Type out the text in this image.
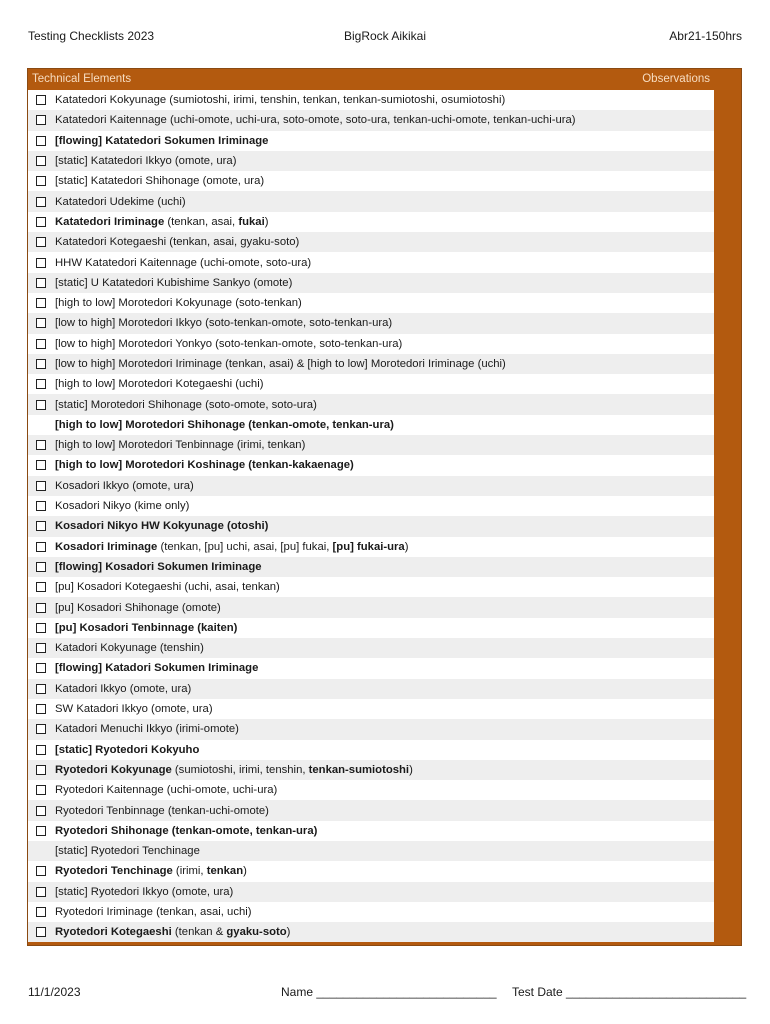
Testing Checklists 2023	BigRock Aikikai	Abr21-150hrs
Technical Elements	Observations
Katatedori Kokyunage (sumiotoshi, irimi, tenshin, tenkan, tenkan-sumiotoshi, osumiotoshi)
Katatedori Kaitennage (uchi-omote, uchi-ura, soto-omote, soto-ura, tenkan-uchi-omote, tenkan-uchi-ura)
[flowing] Katatedori Sokumen Iriminage
[static] Katatedori Ikkyo (omote, ura)
[static] Katatedori Shihonage (omote, ura)
Katatedori Udekime (uchi)
Katatedori Iriminage (tenkan, asai, fukai)
Katatedori Kotegaeshi (tenkan, asai, gyaku-soto)
HHW Katatedori Kaitennage (uchi-omote, soto-ura)
[static] U Katatedori Kubishime Sankyo (omote)
[high to low] Morotedori Kokyunage (soto-tenkan)
[low to high] Morotedori Ikkyo (soto-tenkan-omote, soto-tenkan-ura)
[low to high] Morotedori Yonkyo (soto-tenkan-omote, soto-tenkan-ura)
[low to high] Morotedori Iriminage (tenkan, asai) & [high to low] Morotedori Iriminage (uchi)
[high to low] Morotedori Kotegaeshi (uchi)
[static] Morotedori Shihonage (soto-omote, soto-ura)
[high to low] Morotedori Shihonage (tenkan-omote, tenkan-ura)
[high to low] Morotedori Tenbinnage (irimi, tenkan)
[high to low] Morotedori Koshinage (tenkan-kakaenage)
Kosadori Ikkyo (omote, ura)
Kosadori Nikyo (kime only)
Kosadori Nikyo HW Kokyunage (otoshi)
Kosadori Iriminage (tenkan, [pu] uchi, asai, [pu] fukai, [pu] fukai-ura)
[flowing] Kosadori Sokumen Iriminage
[pu] Kosadori Kotegaeshi (uchi, asai, tenkan)
[pu] Kosadori Shihonage (omote)
[pu] Kosadori Tenbinnage (kaiten)
Katadori Kokyunage (tenshin)
[flowing] Katadori Sokumen Iriminage
Katadori Ikkyo (omote, ura)
SW Katadori Ikkyo (omote, ura)
Katadori Menuchi Ikkyo (irimi-omote)
[static] Ryotedori Kokyuho
Ryotedori Kokyunage (sumiotoshi, irimi, tenshin, tenkan-sumiotoshi)
Ryotedori Kaitennage (uchi-omote, uchi-ura)
Ryotedori Tenbinnage (tenkan-uchi-omote)
Ryotedori Shihonage (tenkan-omote, tenkan-ura)
[static] Ryotedori Tenchinage
Ryotedori Tenchinage (irimi, tenkan)
[static] Ryotedori Ikkyo (omote, ura)
Ryotedori Iriminage (tenkan, asai, uchi)
Ryotedori Kotegaeshi (tenkan & gyaku-soto)
11/1/2023	Name ___________________________ Test Date ___________________________
